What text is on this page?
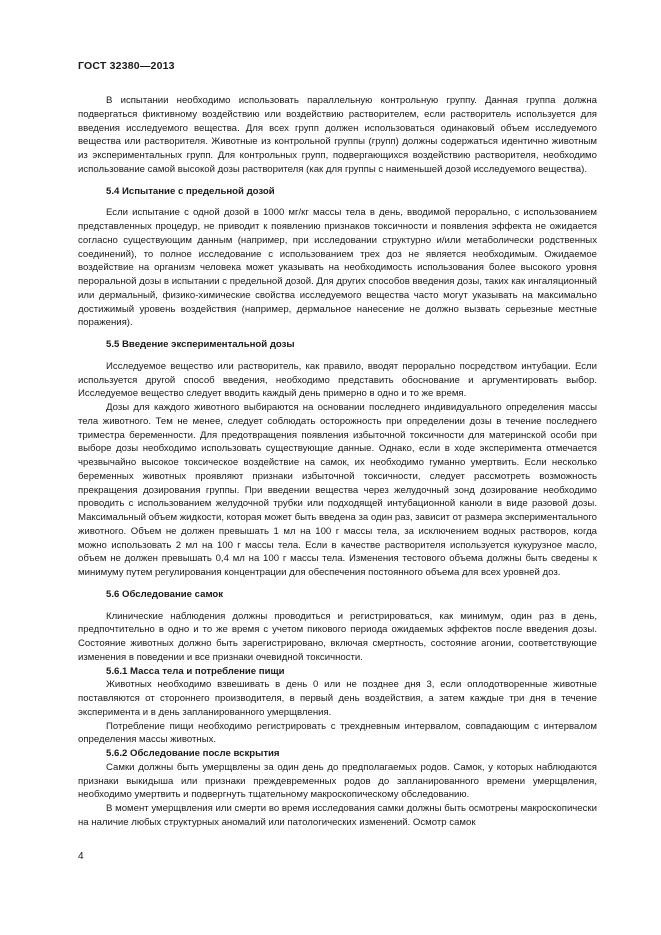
ГОСТ 32380—2013

В испытании необходимо использовать параллельную контрольную группу. Данная группа должна подвергаться фиктивному воздействию или воздействию растворителем, если растворитель используется для введения исследуемого вещества. Для всех групп должен использоваться одинаковый объем исследуемого вещества или растворителя. Животные из контрольной группы (групп) должны содержаться идентично животным из экспериментальных групп. Для контрольных групп, подвергающихся воздействию растворителя, необходимо использование самой высокой дозы растворителя (как для группы с наименьшей дозой исследуемого вещества).

5.4 Испытание с предельной дозой

Если испытание с одной дозой в 1000 мг/кг массы тела в день, вводимой перорально, с использованием представленных процедур, не приводит к появлению признаков токсичности и появления эффекта не ожидается согласно существующим данным (например, при исследовании структурно и/или метаболически родственных соединений), то полное исследование с использованием трех доз не является необходимым. Ожидаемое воздействие на организм человека может указывать на необходимость использования более высокого уровня пероральной дозы в испытании с предельной дозой. Для других способов введения дозы, таких как ингаляционный или дермальный, физико-химические свойства исследуемого вещества часто могут указывать на максимально достижимый уровень воздействия (например, дермальное нанесение не должно вызвать серьезные местные поражения).

5.5 Введение экспериментальной дозы

Исследуемое вещество или растворитель, как правило, вводят перорально посредством интубации. Если используется другой способ введения, необходимо представить обоснование и аргументировать выбор. Исследуемое вещество следует вводить каждый день примерно в одно и то же время.

Дозы для каждого животного выбираются на основании последнего индивидуального определения массы тела животного. Тем не менее, следует соблюдать осторожность при определении дозы в течение последнего триместра беременности. Для предотвращения появления избыточной токсичности для материнской особи при выборе дозы необходимо использовать существующие данные. Однако, если в ходе эксперимента отмечается чрезвычайно высокое токсическое воздействие на самок, их необходимо гуманно умертвить. Если несколько беременных животных проявляют признаки избыточной токсичности, следует рассмотреть возможность прекращения дозирования группы. При введении вещества через желудочный зонд дозирование необходимо проводить с использованием желудочной трубки или подходящей интубационной канюли в виде разовой дозы. Максимальный объем жидкости, которая может быть введена за один раз, зависит от размера экспериментального животного. Объем не должен превышать 1 мл на 100 г массы тела, за исключением водных растворов, когда можно использовать 2 мл на 100 г массы тела. Если в качестве растворителя используется кукурузное масло, объем не должен превышать 0,4 мл на 100 г массы тела. Изменения тестового объема должны быть сведены к минимуму путем регулирования концентрации для обеспечения постоянного объема для всех уровней доз.

5.6 Обследование самок

Клинические наблюдения должны проводиться и регистрироваться, как минимум, один раз в день, предпочтительно в одно и то же время с учетом пикового периода ожидаемых эффектов после введения дозы. Состояние животных должно быть зарегистрировано, включая смертность, состояние агонии, соответствующие изменения в поведении и все признаки очевидной токсичности.

5.6.1 Масса тела и потребление пищи

Животных необходимо взвешивать в день 0 или не позднее дня 3, если оплодотворенные животные поставляются от стороннего производителя, в первый день воздействия, а затем каждые три дня в течение эксперимента и в день запланированного умерщвления.

Потребление пищи необходимо регистрировать с трехдневным интервалом, совпадающим с интервалом определения массы животных.

5.6.2 Обследование после вскрытия

Самки должны быть умерщвлены за один день до предполагаемых родов. Самок, у которых наблюдаются признаки выкидыша или признаки преждевременных родов до запланированного времени умерщвления, необходимо умертвить и подвергнуть тщательному макроскопическому обследованию.

В момент умерщвления или смерти во время исследования самки должны быть осмотрены макроскопически на наличие любых структурных аномалий или патологических изменений. Осмотр самок

4
